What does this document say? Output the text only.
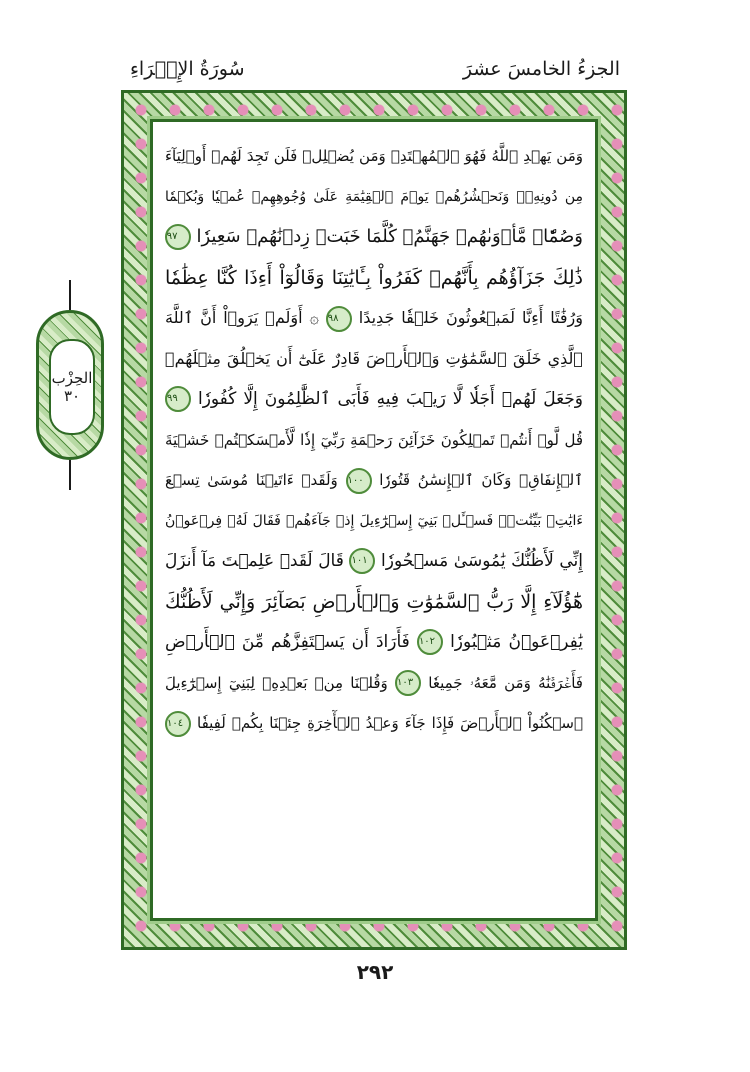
الجزءُ الخامسَ عشرَ
سُورَةُ الإِسۡرَاءِ
الحِزْب
٣٠
وَمَن يَهۡدِ ٱللَّهُ فَهُوَ ٱلۡمُهۡتَدِۖ وَمَن يُضۡلِلۡ فَلَن تَجِدَ لَهُمۡ أَوۡلِيَآءَ
مِن دُونِهِۦۖ وَنَحۡشُرُهُمۡ يَوۡمَ ٱلۡقِيَٰمَةِ عَلَىٰ وُجُوهِهِمۡ عُمۡيٗا وَبُكۡمٗا
وَصُمّٗاۖ مَّأۡوَىٰهُمۡ جَهَنَّمُۖ كُلَّمَا خَبَتۡ زِدۡنَٰهُمۡ سَعِيرٗا ٩٧
ذَٰلِكَ جَزَآؤُهُم بِأَنَّهُمۡ كَفَرُواْ بِـَٔايَٰتِنَا وَقَالُوٓاْ أَءِذَا كُنَّا عِظَٰمٗا
وَرُفَٰتًا أَءِنَّا لَمَبۡعُوثُونَ خَلۡقٗا جَدِيدًا ٩٨ ۞ أَوَلَمۡ يَرَوۡاْ أَنَّ ٱللَّهَ
ٱلَّذِي خَلَقَ ٱلسَّمَٰوَٰتِ وَٱلۡأَرۡضَ قَادِرٌ عَلَىٰٓ أَن يَخۡلُقَ مِثۡلَهُمۡ
وَجَعَلَ لَهُمۡ أَجَلٗا لَّا رَيۡبَ فِيهِ فَأَبَى ٱلظَّٰلِمُونَ إِلَّا كُفُورٗا ٩٩
قُل لَّوۡ أَنتُمۡ تَمۡلِكُونَ خَزَآئِنَ رَحۡمَةِ رَبِّيٓ إِذٗا لَّأَمۡسَكۡتُمۡ خَشۡيَةَ
ٱلۡإِنفَاقِۚ وَكَانَ ٱلۡإِنسَٰنُ قَتُورٗا ١٠٠ وَلَقَدۡ ءَاتَيۡنَا مُوسَىٰ تِسۡعَ
ءَايَٰتِۭ بَيِّنَٰتٖۖ فَسۡـَٔلۡ بَنِيٓ إِسۡرَٰٓءِيلَ إِذۡ جَآءَهُمۡ فَقَالَ لَهُۥ فِرۡعَوۡنُ
إِنِّي لَأَظُنُّكَ يَٰمُوسَىٰ مَسۡحُورٗا ١٠١ قَالَ لَقَدۡ عَلِمۡتَ مَآ أَنزَلَ
هَٰٓؤُلَآءِ إِلَّا رَبُّ ٱلسَّمَٰوَٰتِ وَٱلۡأَرۡضِ بَصَآئِرَ وَإِنِّي لَأَظُنُّكَ
يَٰفِرۡعَوۡنُ مَثۡبُورٗا ١٠٢ فَأَرَادَ أَن يَسۡتَفِزَّهُم مِّنَ ٱلۡأَرۡضِ
فَأَغۡرَقۡنَٰهُ وَمَن مَّعَهُۥ جَمِيعٗا ١٠٣ وَقُلۡنَا مِنۢ بَعۡدِهِۦ لِبَنِيٓ إِسۡرَٰٓءِيلَ
ٱسۡكُنُواْ ٱلۡأَرۡضَ فَإِذَا جَآءَ وَعۡدُ ٱلۡأٓخِرَةِ جِئۡنَا بِكُمۡ لَفِيفٗا ١٠٤
٢٩٢
